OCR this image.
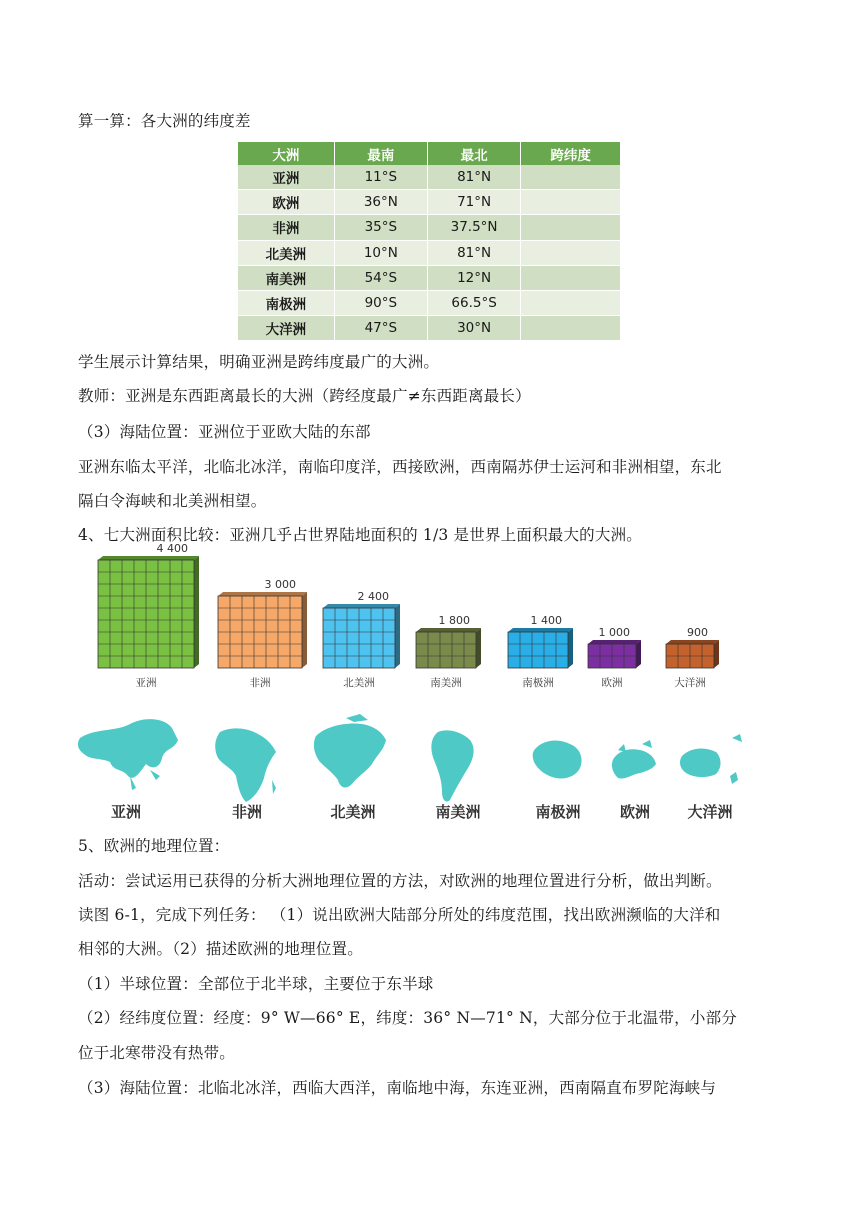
算一算：各大洲的纬度差
大洲	最南	最北	跨纬度
亚洲	11°S	81°N	
欧洲	36°N	71°N	
非洲	35°S	37.5°N	
北美洲	10°N	81°N	
南美洲	54°S	12°N	
南极洲	90°S	66.5°S	
大洋洲	47°S	30°N	
学生展示计算结果，明确亚洲是跨纬度最广的大洲。
教师：亚洲是东西距离最长的大洲（跨经度最广≠东西距离最长）
（3）海陆位置：亚洲位于亚欧大陆的东部
亚洲东临太平洋，北临北冰洋，南临印度洋，西接欧洲，西南隔苏伊士运河和非洲相望，东北
隔白令海峡和北美洲相望。
4、七大洲面积比较：亚洲几乎占世界陆地面积的 1/3 是世界上面积最大的大洲。
4 400
亚洲
3 000
非洲
2 400
北美洲
1 800
南美洲
1 400
南极洲
1 000
欧洲
900
大洋洲
亚洲	非洲	北美洲	南美洲	南极洲	欧洲 大洋洲
5、欧洲的地理位置：
活动：尝试运用已获得的分析大洲地理位置的方法，对欧洲的地理位置进行分析，做出判断。
读图 6-1，完成下列任务： （1）说出欧洲大陆部分所处的纬度范围，找出欧洲濒临的大洋和
相邻的大洲。（2）描述欧洲的地理位置。
（1）半球位置：全部位于北半球，主要位于东半球
（2）经纬度位置：经度：9° W—66° E，纬度：36° N—71° N，大部分位于北温带，小部分
位于北寒带没有热带。
（3）海陆位置：北临北冰洋，西临大西洋，南临地中海，东连亚洲，西南隔直布罗陀海峡与
